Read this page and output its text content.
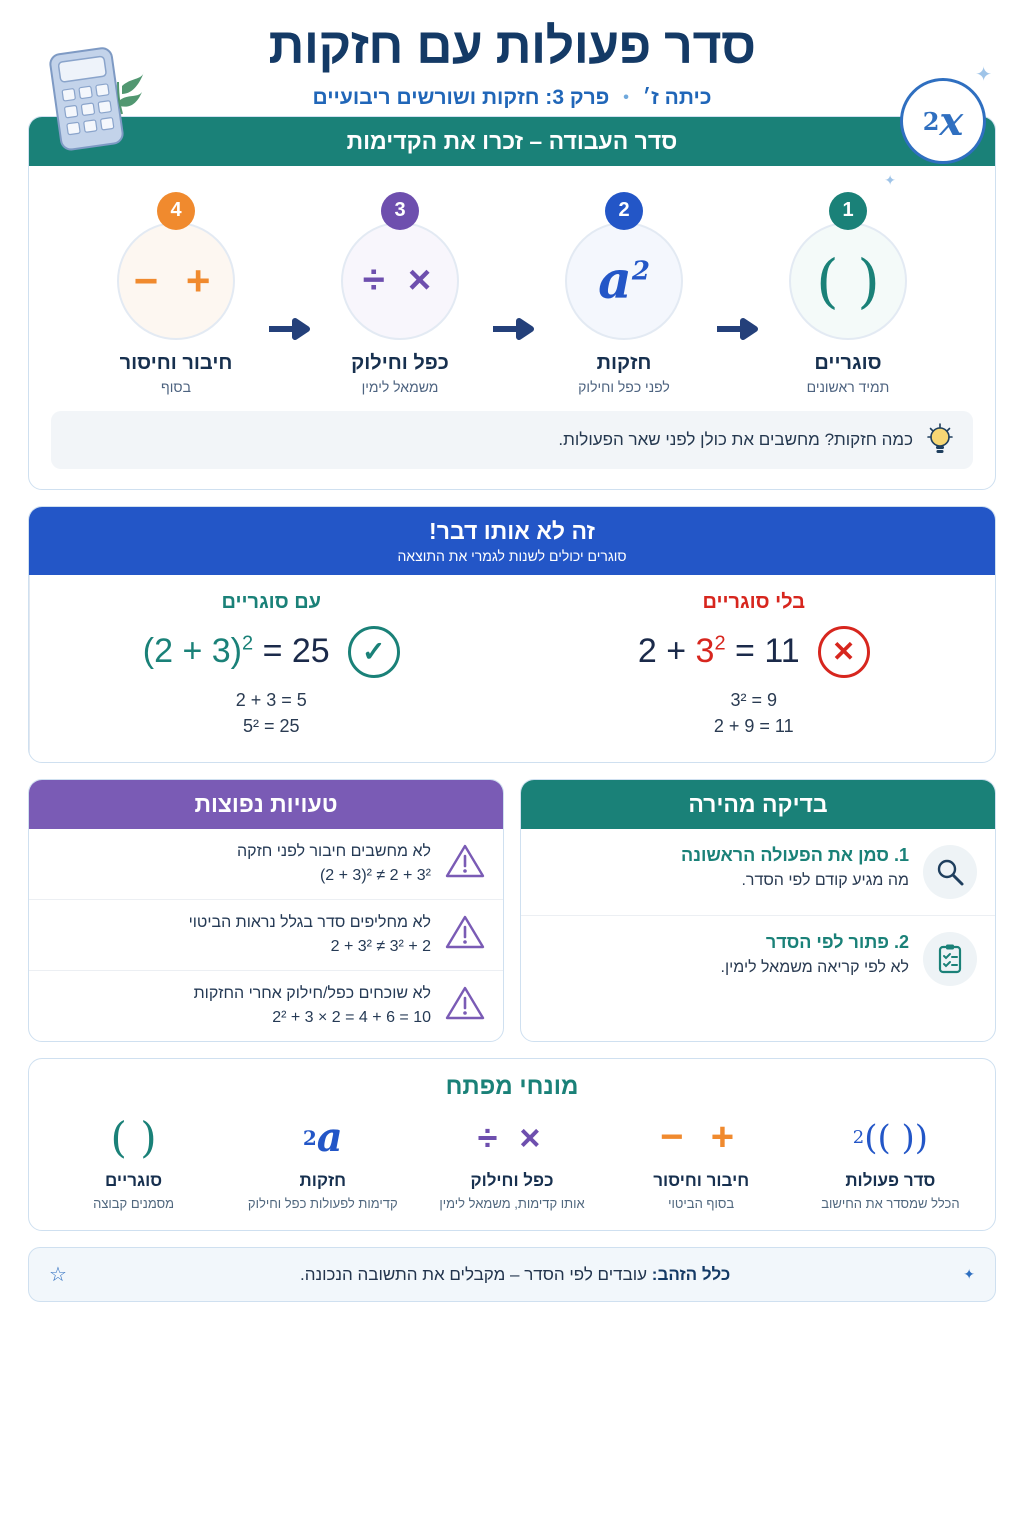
סדר פעולות עם חזקות
כיתה ז׳ • פרק 3: חזקות ושורשים ריבועיים
x
2
✦
✦
סדר העבודה – זכרו את הקדימות
1
( )
סוגריים
תמיד ראשונים
2
$a^2$
חזקות
לפני כפל וחילוק
3
× ÷
כפל וחילוק
משמאל לימין
4
+ −
חיבור וחיסור
בסוף
כמה חזקות? מחשבים את כולן לפני שאר הפעולות.
זה לא אותו דבר!
סוגרים יכולים לשנות לגמרי את התוצאה
בלי סוגריים
✕
$2 + 3^2 = 11$
3² = 9
2 + 9 = 11
עם סוגריים
✓
$(2 + 3)^2 = 25$
2 + 3 = 5
5² = 25
בדיקה מהירה
1. סמן את הפעולה הראשונה
מה מגיע קודם לפי הסדר.
2. פתור לפי הסדר
לא לפי קריאה משמאל לימין.
טעויות נפוצות
לא מחשבים חיבור לפני חזקה
(2 + 3)² ≠ 2 + 3²
לא מחליפים סדר בגלל נראות הביטוי
2 + 3² ≠ 3² + 2
לא שוכחים כפל/חילוק אחרי החזקות
2² + 3 × 2 = 4 + 6 = 10
מונחי מפתח
(( ))
2
סדר פעולות
הכלל שמסדר את החישוב
+ −
חיבור וחיסור
בסוף הביטוי
× ÷
כפל וחילוק
אותו קדימות, משמאל לימין
a
2
חזקות
קדימות לפעולות כפל וחילוק
( )
סוגריים
מסמנים קבוצה
✦
כלל הזהב: עובדים לפי הסדר – מקבלים את התשובה הנכונה.
☆
